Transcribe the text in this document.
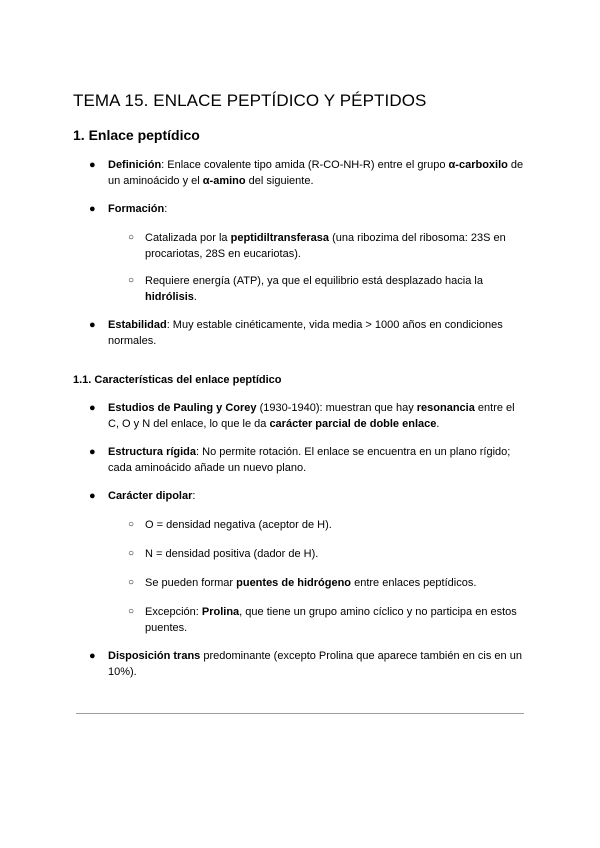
TEMA 15. ENLACE PEPTÍDICO Y PÉPTIDOS
1. Enlace peptídico
● Definición: Enlace covalente tipo amida (R-CO-NH-R) entre el grupo α-carboxilo de un aminoácido y el α-amino del siguiente.
● Formación:
○ Catalizada por la peptidiltransferasa (una ribozima del ribosoma: 23S en procariotas, 28S en eucariotas).
○ Requiere energía (ATP), ya que el equilibrio está desplazado hacia la hidrólisis.
● Estabilidad: Muy estable cinéticamente, vida media > 1000 años en condiciones normales.
1.1. Características del enlace peptídico
● Estudios de Pauling y Corey (1930-1940): muestran que hay resonancia entre el C, O y N del enlace, lo que le da carácter parcial de doble enlace.
● Estructura rígida: No permite rotación. El enlace se encuentra en un plano rígido; cada aminoácido añade un nuevo plano.
● Carácter dipolar:
○ O = densidad negativa (aceptor de H).
○ N = densidad positiva (dador de H).
○ Se pueden formar puentes de hidrógeno entre enlaces peptídicos.
○ Excepción: Prolina, que tiene un grupo amino cíclico y no participa en estos puentes.
● Disposición trans predominante (excepto Prolina que aparece también en cis en un 10%).
